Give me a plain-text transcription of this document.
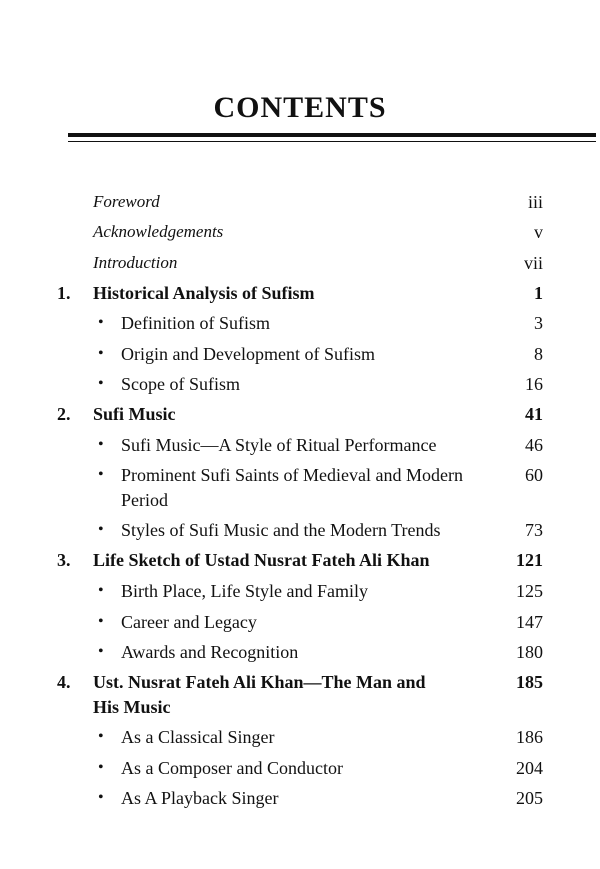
CONTENTS
Foreword	iii
Acknowledgements	v
Introduction	vii
1. Historical Analysis of Sufism	1
• Definition of Sufism	3
• Origin and Development of Sufism	8
• Scope of Sufism	16
2. Sufi Music	41
• Sufi Music—A Style of Ritual Performance	46
• Prominent Sufi Saints of Medieval and Modern	60
Period
• Styles of Sufi Music and the Modern Trends	73
3. Life Sketch of Ustad Nusrat Fateh Ali Khan	121
• Birth Place, Life Style and Family	125
• Career and Legacy	147
• Awards and Recognition	180
4. Ust. Nusrat Fateh Ali Khan—The Man and	185
His Music
• As a Classical Singer	186
• As a Composer and Conductor	204
• As A Playback Singer	205
